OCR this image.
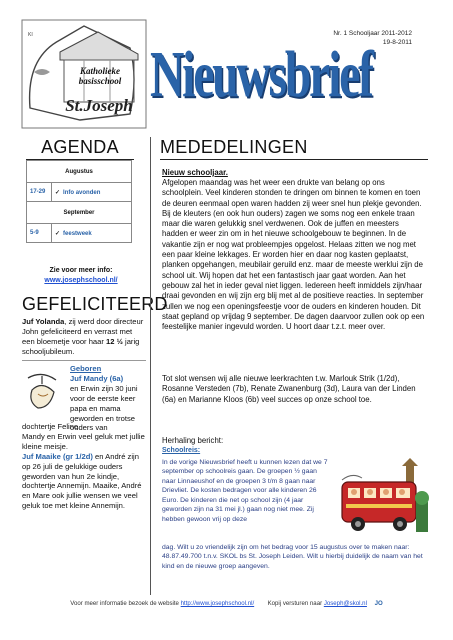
KI
Katholieke
basisschool
St.Joseph
Nr. 1 Schooljaar 2011-2012
19-8-2011
Nieuwsbrief
AGENDA
Augustus	
17-29	✓ Info avonden
September	
5-9	✓ feestweek
Zie voor meer info:
www.josephschool.nl/
GEFELICITEERD
Juf Yolanda, zij werd door directeur John gefeliciteerd en verrast met een bloemetje voor haar 12 ½ jarig schooljubileum.
Geboren
Juf Mandy (6a)
en Erwin zijn 30 juni voor de eerste keer papa en mama geworden en trotse ouders van
dochtertje Feline.
Mandy en Erwin veel geluk met jullie kleine meisje.
Juf Maaike (gr 1/2d) en André zijn op 26 juli de gelukkige ouders geworden van hun 2e kindje, dochtertje Annemijn. Maaike, André en Mare ook jullie wensen we veel geluk toe met kleine Annemijn.
MEDEDELINGEN
Nieuw schooljaar.
Afgelopen maandag was het weer een drukte van belang op ons schoolplein. Veel kinderen stonden te dringen om binnen te komen en toen de deuren eenmaal open waren hadden zij weer snel hun plekje gevonden. Bij de kleuters (en ook hun ouders) zagen we soms nog een enkele traan maar die waren gelukkig snel verdwenen. Ook de juffen en meesters hadden er weer zin om in het nieuwe schoolgebouw te beginnen. In de vakantie zijn er nog wat probleempjes opgelost. Helaas zitten we nog met een paar kleine lekkages. Er worden hier en daar nog kasten geplaatst, planken opgehangen, meubilair geruild enz. maar de meeste werklui zijn de school uit. Wij hopen dat het een fantastisch jaar gaat worden. Aan het gebouw zal het in ieder geval niet liggen. Iedereen heeft inmiddels zijn/haar draai gevonden en wij zijn erg blij met al de positieve reacties. In september zullen we nog een openingsfeestje voor de ouders en kinderen houden. Dit staat gepland op vrijdag 9 september. De dagen daarvoor zullen ook op een feestelijke manier ingevuld worden. U hoort daar t.z.t. meer over.
Tot slot wensen wij alle nieuwe leerkrachten t.w. Marlouk Strik (1/2d), Rosanne Versteden (7b), Renate Zwanenburg (3d), Laura van der Linden (6a) en Marianne Kloos (6b) veel succes op onze school toe.
Herhaling bericht:
Schoolreis:
In de vorige Nieuwsbrief heeft u kunnen lezen dat we 7 september op schoolreis gaan. De groepen ½ gaan naar Linnaeushof en de groepen 3 t/m 8 gaan naar Drievliet. De kosten bedragen voor alle kinderen 26 Euro. De kinderen die net op school zijn (4 jaar geworden zijn na 31 mei jl.) gaan nog niet mee. Zij hebben gewoon vrij op deze
dag. Wilt u zo vriendelijk zijn om het bedrag voor 15 augustus over te maken naar: 48.87.49.700 t.n.v. SKOL bs St. Joseph Leiden. Wilt u hierbij duidelijk de naam van het kind en de nieuwe groep aangeven.
Voor meer informatie bezoek de website http://www.josephschool.nl/ Kopij versturen naar Joseph@skol.nl JO
